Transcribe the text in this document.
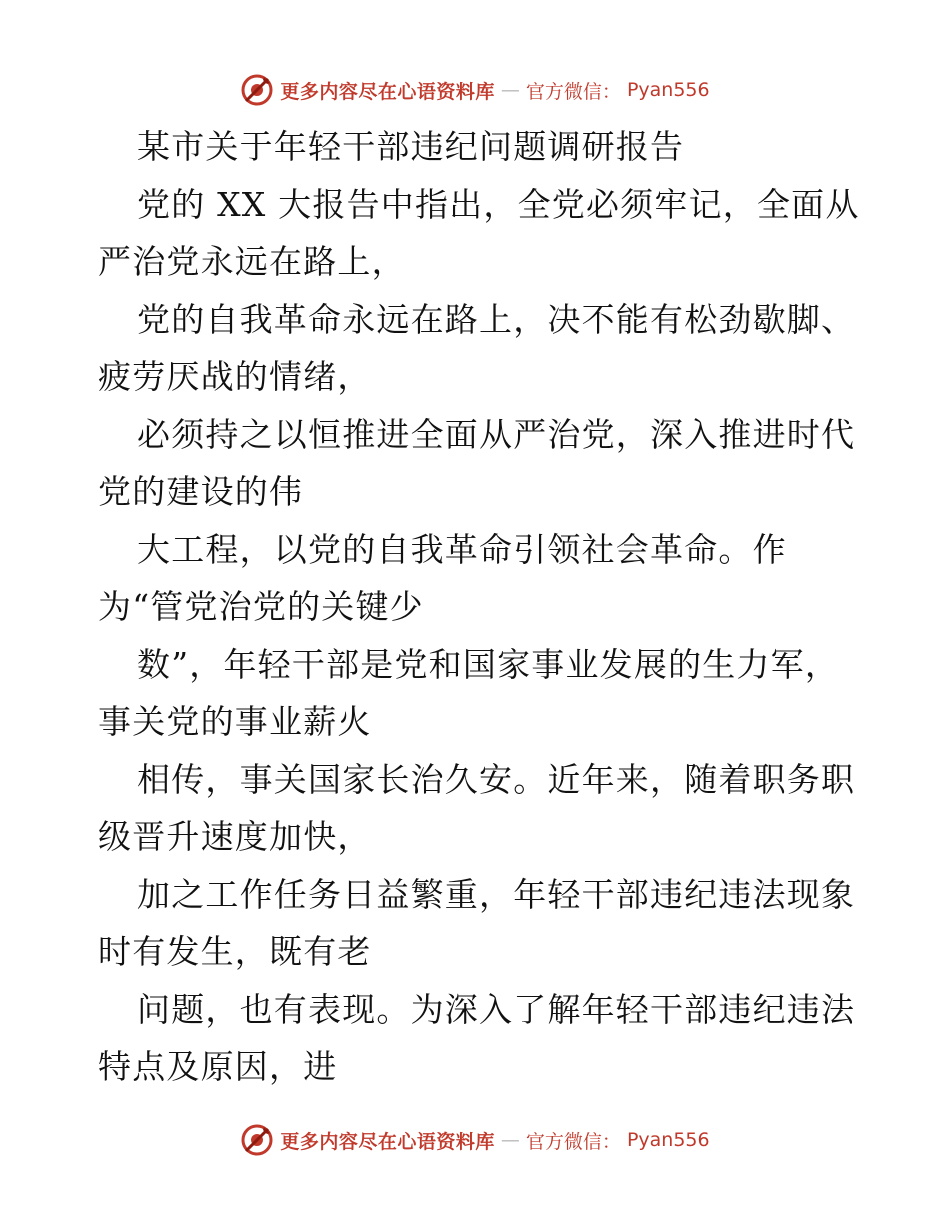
更多内容尽在心语资料库 — 官方微信： Pyan556
某市关于年轻干部违纪问题调研报告
党的 XX 大报告中指出，全党必须牢记，全面从
严治党永远在路上，
党的自我革命永远在路上，决不能有松劲歇脚、
疲劳厌战的情绪，
必须持之以恒推进全面从严治党，深入推进时代
党的建设的伟
大工程，以党的自我革命引领社会革命。作
为“管党治党的关键少
数”，年轻干部是党和国家事业发展的生力军，
事关党的事业薪火
相传，事关国家长治久安。近年来，随着职务职
级晋升速度加快，
加之工作任务日益繁重，年轻干部违纪违法现象
时有发生，既有老
问题，也有表现。为深入了解年轻干部违纪违法
特点及原因，进
更多内容尽在心语资料库 — 官方微信： Pyan556
